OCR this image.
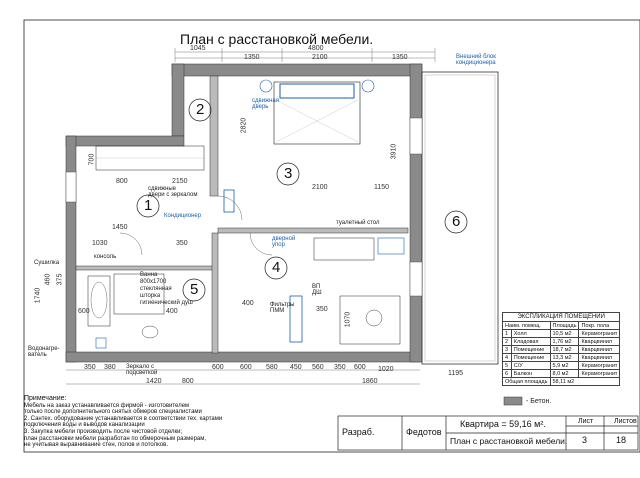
План с расстановкой мебели.
1045
1350
4800
2100	1350
2820
3910
700
800	2150
2100	1150
1450
1030	350
1740
460 375
400
600
400
350
1070
1020
1195
350 380	600 600 580 450 560 350 600
1420	800	1860
1
2
3
4
5
6
Внешний блок
кондиционера
сдвижная
дверь
сдвижные
двери с зеркалом
Кондиционер
консоль
туалетный стол
дверной
упор
Сушилка
Ванна
800х1700
стеклянная
шторка
гигиенический душ	Фильтры
ПММ
ВП
ДШ
Водонагре-
ватель
Зеркало с
подсветкой
- Бетон.
Примечание:
Мебель на заказ устанавливается фирмой - изготовителем
только после дополнительного снятых обмеров специалистами
2. Сантех. оборудование устанавливается в соответствии тех. картами
подключения воды и выводов канализации
3. Закупка мебели производить после чистовой отделки;
план расстановки мебели разработан по обмерочным размерам,
не учитывая выравнивание стен, полов и потолков.
ЭКСПЛИКАЦИЯ ПОМЕЩЕНИЙ
Наим. помещ.		Площадь	Покр. пола
1	Холл	10,5 м2	Керамогранит
2	Кладовая	1,76 м2	Кварцвинил
3	Помещение	18,7 м2	Кварцвинил
4	Помещение	13,3 м2	Кварцвинил
5	С/У	5,9 м2	Керамогранит
6	Балкон	8,0 м2	Керамогранит
Общая площадь		58,11 м2	
Разраб.	Федотов
Квартира = 59,16 м².
План с расстановкой мебели.
Лист	Листов
3	18
